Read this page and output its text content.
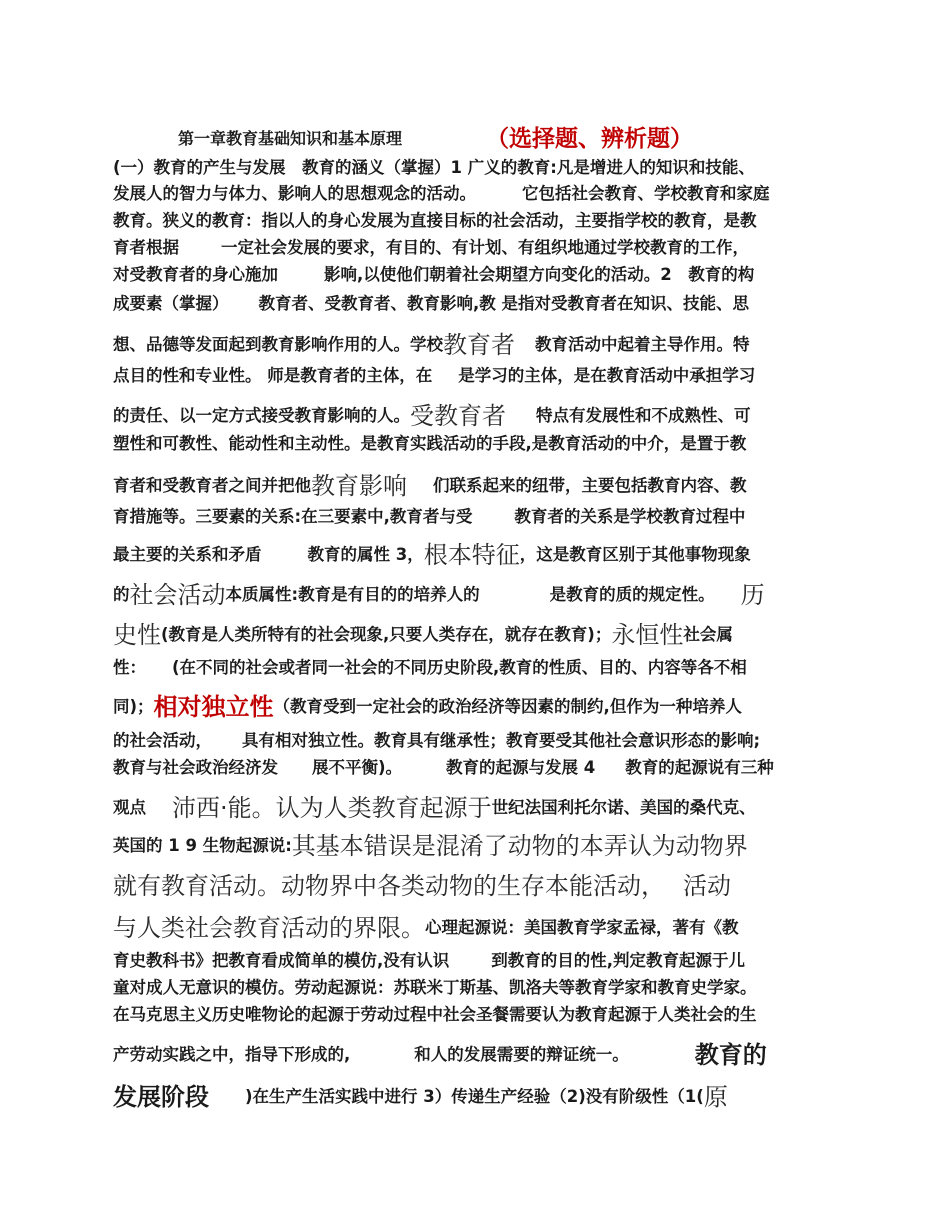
第一章教育基础知识和基本原理	（选择题、辨析题）
(一）教育的产生与发展　教育的涵义（掌握）1 广义的教育:凡是增进人的知识和技能、
发展人的智力与体力、影响人的思想观念的活动。	它包括社会教育、学校教育和家庭
教育。狭义的教育：指以人的身心发展为直接目标的社会活动，主要指学校的教育，是教
育者根据	一定社会发展的要求，有目的、有计划、有组织地通过学校教育的工作，
对受教育者的身心施加	影响,以使他们朝着社会期望方向变化的活动。2　教育的构
成要素（掌握） 教育者、受教育者、教育影响,教 是指对受教育者在知识、技能、思
想、品德等发面起到教育影响作用的人。学校教育者 教育活动中起着主导作用。特
点目的性和专业性。 师是教育者的主体，在 是学习的主体，是在教育活动中承担学习
的责任、以一定方式接受教育影响的人。受教育者 特点有发展性和不成熟性、可
塑性和可教性、能动性和主动性。是教育实践活动的手段,是教育活动的中介，是置于教
育者和受教育者之间并把他教育影响 们联系起来的纽带，主要包括教育内容、教
育措施等。三要素的关系:在三要素中,教育者与受	教育者的关系是学校教育过程中
最主要的关系和矛盾	教育的属性 3，根本特征，这是教育区别于其他事物现象
的社会活动本质属性:教育是有目的的培养人的	是教育的质的规定性。 历
史性(教育是人类所特有的社会现象,只要人类存在，就存在教育)；永恒性社会属
性： (在不同的社会或者同一社会的不同历史阶段,教育的性质、目的、内容等各不相
同)；相对独立性（教育受到一定社会的政治经济等因素的制约,但作为一种培养人
的社会活动， 具有相对独立性。教育具有继承性；教育要受其他社会意识形态的影响;
教育与社会政治经济发 展不平衡)。	教育的起源与发展 4 教育的起源说有三种
观点 沛西·能。认为人类教育起源于世纪法国利托尔诺、美国的桑代克、
英国的 1 9 生物起源说:其基本错误是混淆了动物的本弄认为动物界
就有教育活动。动物界中各类动物的生存本能活动， 活动
与人类社会教育活动的界限。心理起源说：美国教育学家孟禄，著有《教
育史教科书》把教育看成简单的模仿,没有认识	到教育的目的性,判定教育起源于儿
童对成人无意识的模仿。劳动起源说：苏联米丁斯基、凯洛夫等教育学家和教育史学家。
在马克思主义历史唯物论的起源于劳动过程中社会圣餐需要认为教育起源于人类社会的生
产劳动实践之中，指导下形成的,	和人的发展需要的辩证统一。	教育的
发展阶段 )在生产生活实践中进行 3）传递生产经验（2)没有阶级性（1(原
